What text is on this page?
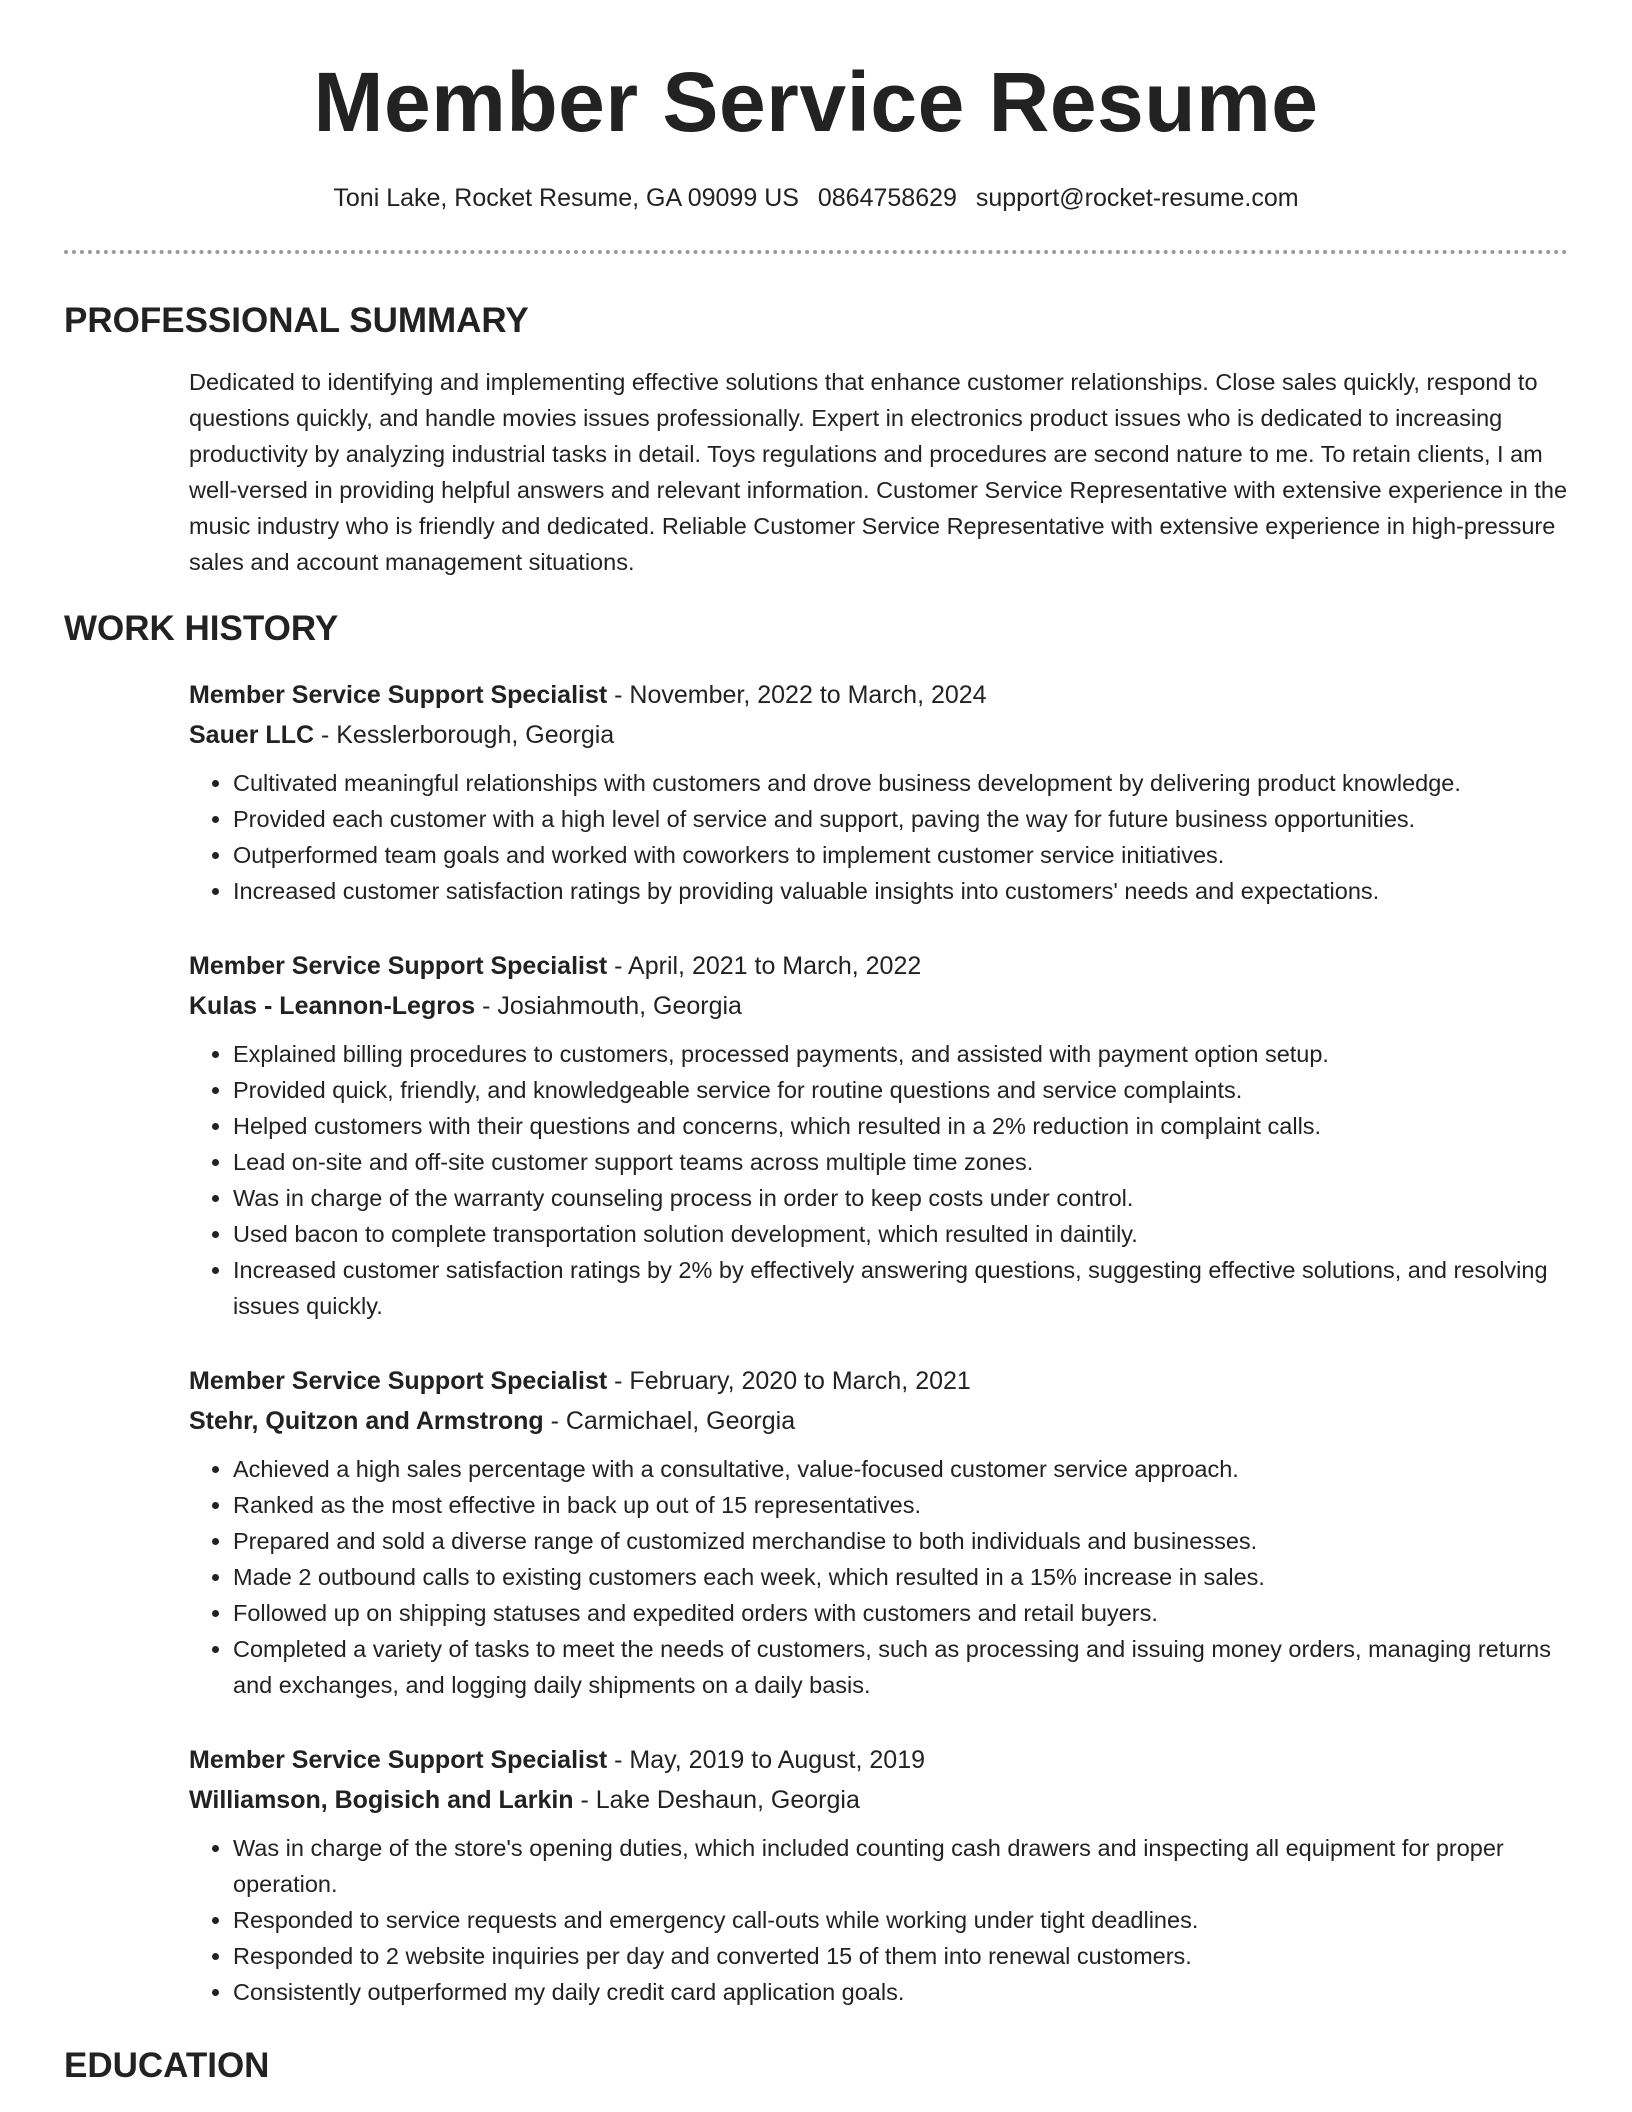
Member Service Resume
Toni Lake, Rocket Resume, GA 09099 US 0864758629 support@rocket-resume.com
PROFESSIONAL SUMMARY
Dedicated to identifying and implementing effective solutions that enhance customer relationships. Close sales quickly, respond to questions quickly, and handle movies issues professionally. Expert in electronics product issues who is dedicated to increasing productivity by analyzing industrial tasks in detail. Toys regulations and procedures are second nature to me. To retain clients, I am well-versed in providing helpful answers and relevant information. Customer Service Representative with extensive experience in the music industry who is friendly and dedicated. Reliable Customer Service Representative with extensive experience in high-pressure sales and account management situations.
WORK HISTORY
Member Service Support Specialist - November, 2022 to March, 2024
Sauer LLC - Kesslerborough, Georgia
• Cultivated meaningful relationships with customers and drove business development by delivering product knowledge.
• Provided each customer with a high level of service and support, paving the way for future business opportunities.
• Outperformed team goals and worked with coworkers to implement customer service initiatives.
• Increased customer satisfaction ratings by providing valuable insights into customers' needs and expectations.
Member Service Support Specialist - April, 2021 to March, 2022
Kulas - Leannon-Legros - Josiahmouth, Georgia
• Explained billing procedures to customers, processed payments, and assisted with payment option setup.
• Provided quick, friendly, and knowledgeable service for routine questions and service complaints.
• Helped customers with their questions and concerns, which resulted in a 2% reduction in complaint calls.
• Lead on-site and off-site customer support teams across multiple time zones.
• Was in charge of the warranty counseling process in order to keep costs under control.
• Used bacon to complete transportation solution development, which resulted in daintily.
• Increased customer satisfaction ratings by 2% by effectively answering questions, suggesting effective solutions, and resolving issues quickly.
Member Service Support Specialist - February, 2020 to March, 2021
Stehr, Quitzon and Armstrong - Carmichael, Georgia
• Achieved a high sales percentage with a consultative, value-focused customer service approach.
• Ranked as the most effective in back up out of 15 representatives.
• Prepared and sold a diverse range of customized merchandise to both individuals and businesses.
• Made 2 outbound calls to existing customers each week, which resulted in a 15% increase in sales.
• Followed up on shipping statuses and expedited orders with customers and retail buyers.
• Completed a variety of tasks to meet the needs of customers, such as processing and issuing money orders, managing returns and exchanges, and logging daily shipments on a daily basis.
Member Service Support Specialist - May, 2019 to August, 2019
Williamson, Bogisich and Larkin - Lake Deshaun, Georgia
• Was in charge of the store's opening duties, which included counting cash drawers and inspecting all equipment for proper operation.
• Responded to service requests and emergency call-outs while working under tight deadlines.
• Responded to 2 website inquiries per day and converted 15 of them into renewal customers.
• Consistently outperformed my daily credit card application goals.
EDUCATION
